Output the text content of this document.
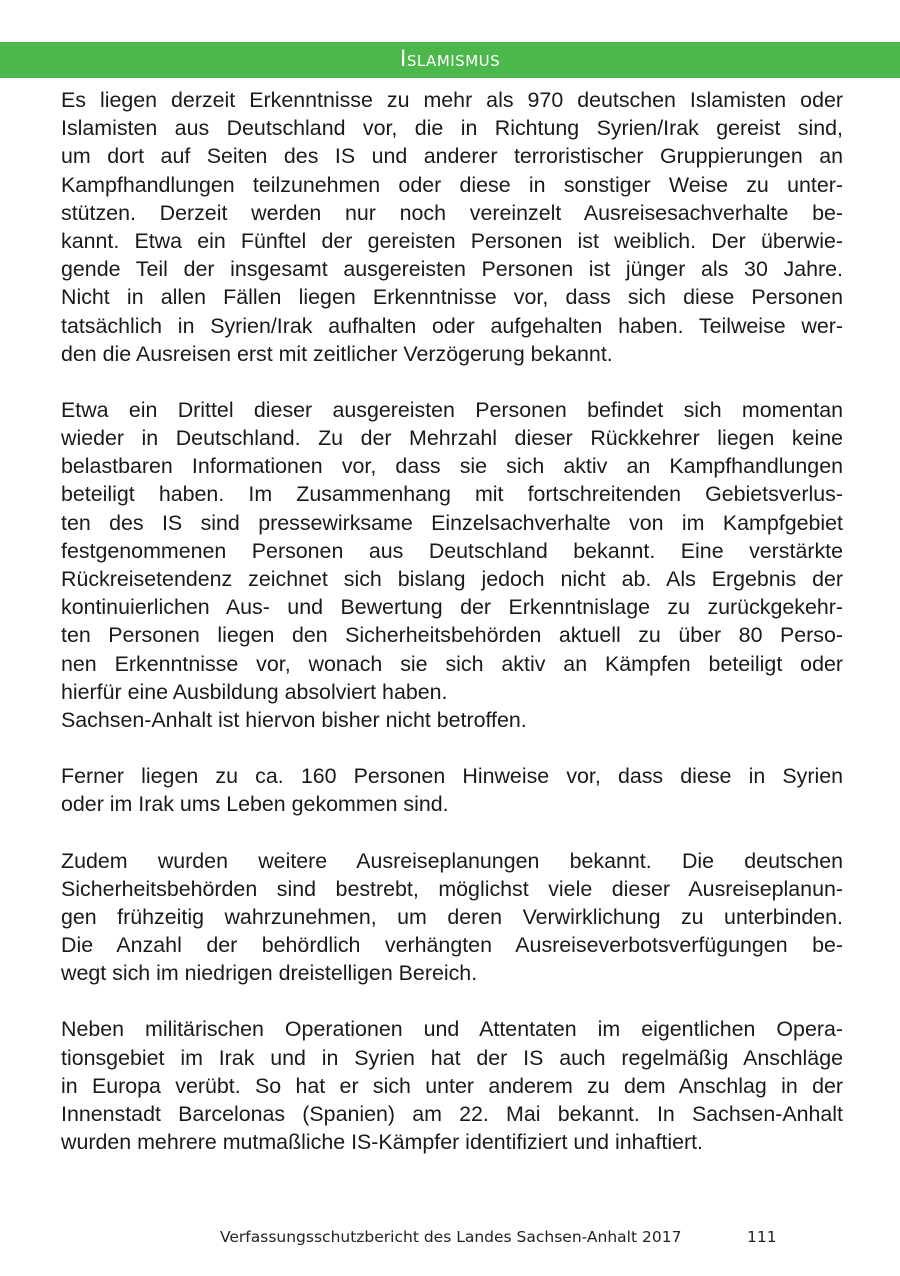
Islamismus
Es liegen derzeit Erkenntnisse zu mehr als 970 deutschen Islamisten oder
Islamisten aus Deutschland vor, die in Richtung Syrien/Irak gereist sind,
um dort auf Seiten des IS und anderer terroristischer Gruppierungen an
Kampfhandlungen teilzunehmen oder diese in sonstiger Weise zu unter-
stützen. Derzeit werden nur noch vereinzelt Ausreisesachverhalte be-
kannt. Etwa ein Fünftel der gereisten Personen ist weiblich. Der überwie-
gende Teil der insgesamt ausgereisten Personen ist jünger als 30 Jahre.
Nicht in allen Fällen liegen Erkenntnisse vor, dass sich diese Personen
tatsächlich in Syrien/Irak aufhalten oder aufgehalten haben. Teilweise wer-
den die Ausreisen erst mit zeitlicher Verzögerung bekannt.
Etwa ein Drittel dieser ausgereisten Personen befindet sich momentan
wieder in Deutschland. Zu der Mehrzahl dieser Rückkehrer liegen keine
belastbaren Informationen vor, dass sie sich aktiv an Kampfhandlungen
beteiligt haben. Im Zusammenhang mit fortschreitenden Gebietsverlus-
ten des IS sind pressewirksame Einzelsachverhalte von im Kampfgebiet
festgenommenen Personen aus Deutschland bekannt. Eine verstärkte
Rückreisetendenz zeichnet sich bislang jedoch nicht ab. Als Ergebnis der
kontinuierlichen Aus- und Bewertung der Erkenntnislage zu zurückgekehr-
ten Personen liegen den Sicherheitsbehörden aktuell zu über 80 Perso-
nen Erkenntnisse vor, wonach sie sich aktiv an Kämpfen beteiligt oder
hierfür eine Ausbildung absolviert haben.
Sachsen-Anhalt ist hiervon bisher nicht betroffen.
Ferner liegen zu ca. 160 Personen Hinweise vor, dass diese in Syrien
oder im Irak ums Leben gekommen sind.
Zudem wurden weitere Ausreiseplanungen bekannt. Die deutschen
Sicherheitsbehörden sind bestrebt, möglichst viele dieser Ausreiseplanun-
gen frühzeitig wahrzunehmen, um deren Verwirklichung zu unterbinden.
Die Anzahl der behördlich verhängten Ausreiseverbotsverfügungen be-
wegt sich im niedrigen dreistelligen Bereich.
Neben militärischen Operationen und Attentaten im eigentlichen Opera-
tionsgebiet im Irak und in Syrien hat der IS auch regelmäßig Anschläge
in Europa verübt. So hat er sich unter anderem zu dem Anschlag in der
Innenstadt Barcelonas (Spanien) am 22. Mai bekannt. In Sachsen-Anhalt
wurden mehrere mutmaßliche IS-Kämpfer identifiziert und inhaftiert.
Verfassungsschutzbericht des Landes Sachsen-Anhalt 2017	111
